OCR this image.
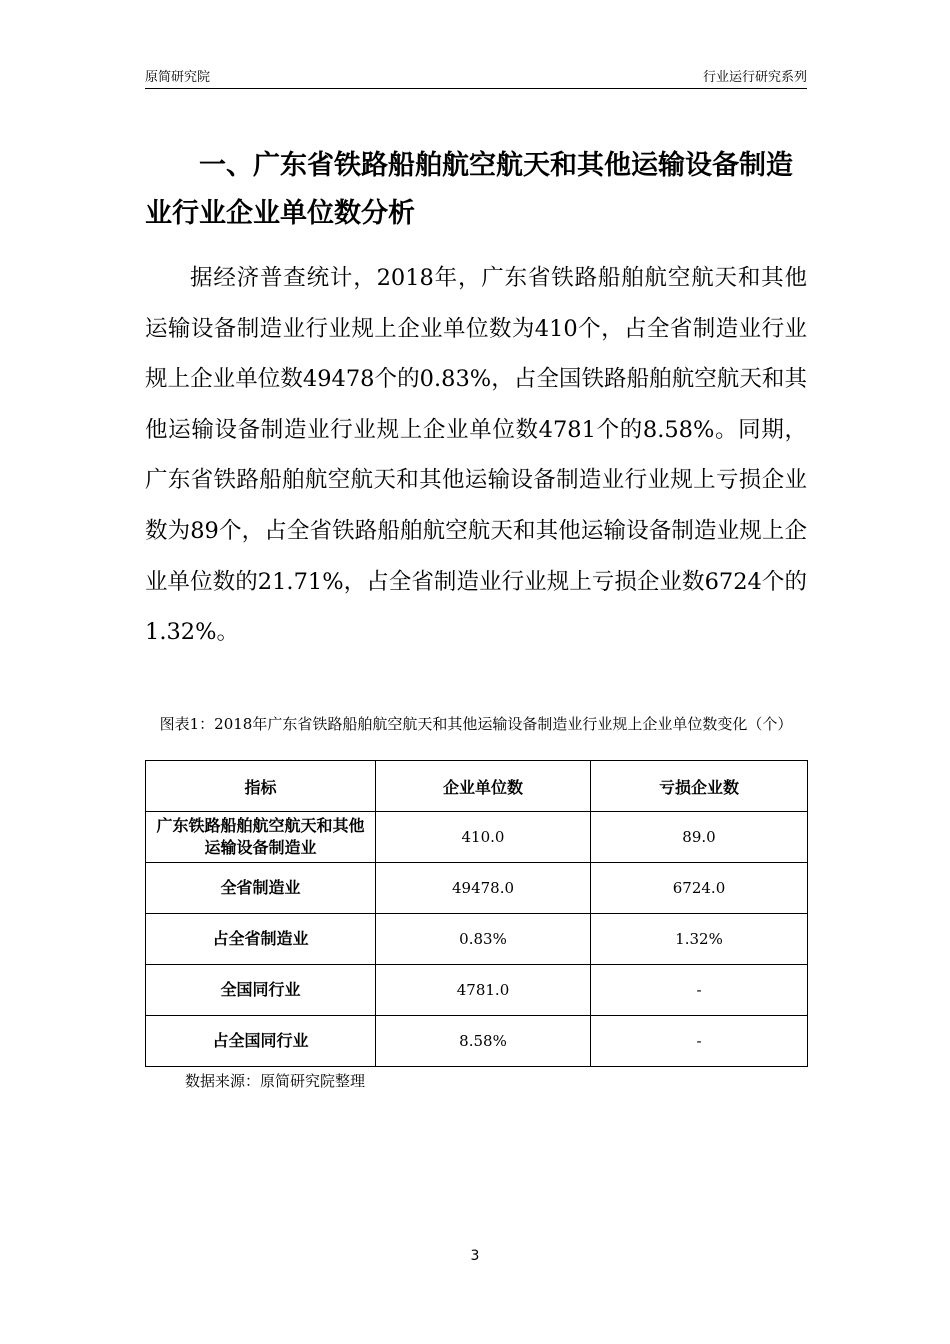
原简研究院	行业运行研究系列
一、广东省铁路船舶航空航天和其他运输设备制造业行业企业单位数分析

据经济普查统计，2018年，广东省铁路船舶航空航天和其他运输设备制造业行业规上企业单位数为410个，占全省制造业行业规上企业单位数49478个的0.83%，占全国铁路船舶航空航天和其他运输设备制造业行业规上企业单位数4781个的8.58%。同期，广东省铁路船舶航空航天和其他运输设备制造业行业规上亏损企业数为89个，占全省铁路船舶航空航天和其他运输设备制造业规上企业单位数的21.71%，占全省制造业行业规上亏损企业数6724个的1.32%。

图表1：2018年广东省铁路船舶航空航天和其他运输设备制造业行业规上企业单位数变化（个）
指标	企业单位数	亏损企业数
广东铁路船舶航空航天和其他运输设备制造业	410.0	89.0
全省制造业	49478.0	6724.0
占全省制造业	0.83%	1.32%
全国同行业	4781.0	-
占全国同行业	8.58%	-
数据来源：原简研究院整理
3
